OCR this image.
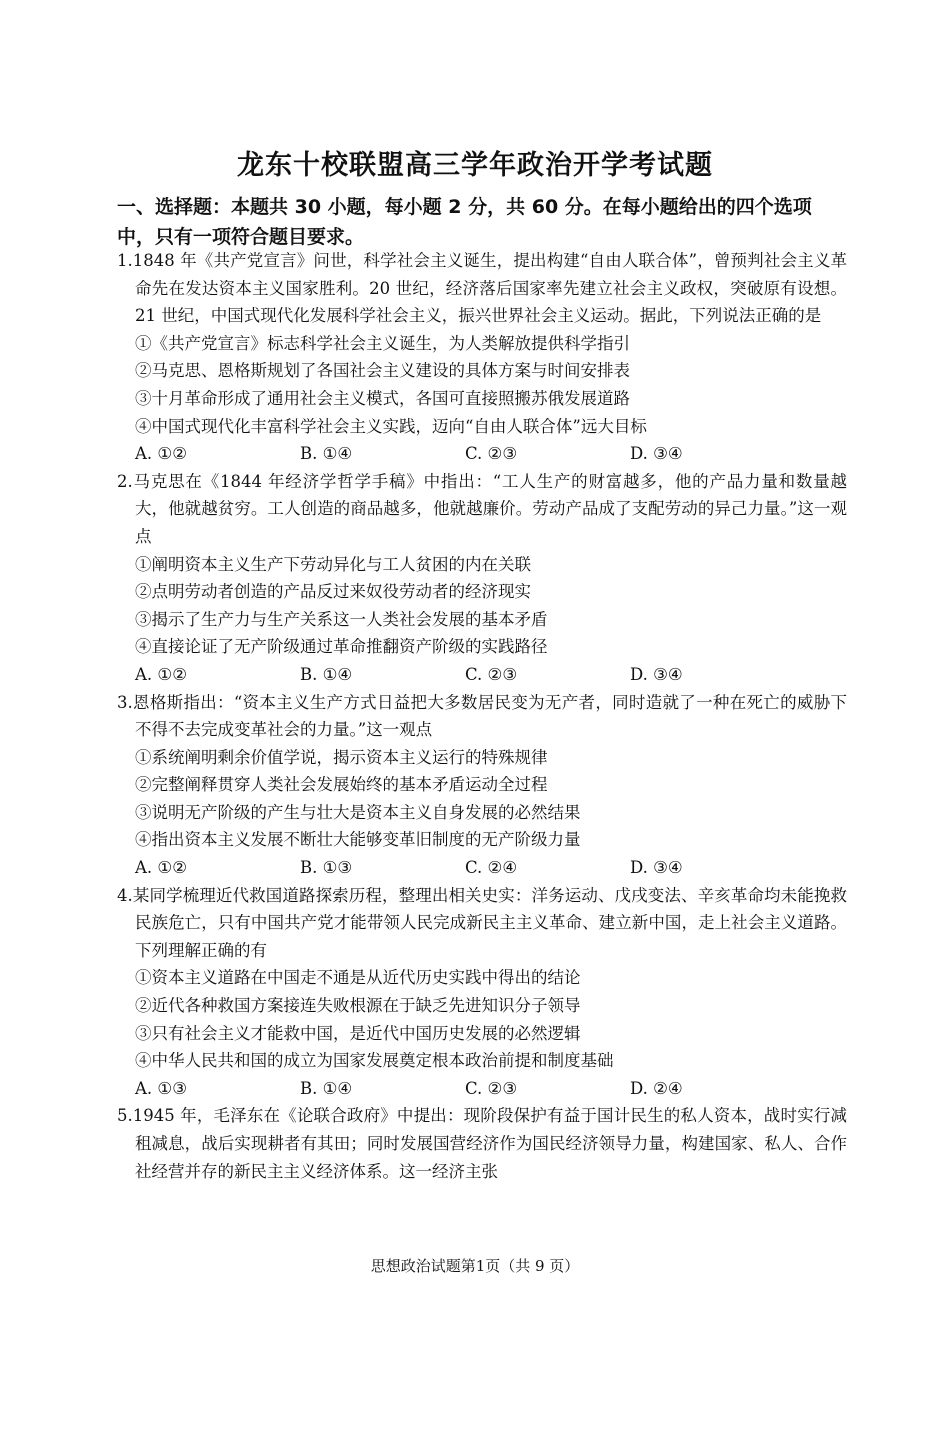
龙东十校联盟高三学年政治开学考试题
一、选择题：本题共 30 小题，每小题 2 分，共 60 分。在每小题给出的四个选项中，只有一项符合题目要求。

1.1848 年《共产党宣言》问世，科学社会主义诞生，提出构建“自由人联合体”，曾预判社会主义革命先在发达资本主义国家胜利。20 世纪，经济落后国家率先建立社会主义政权，突破原有设想。21 世纪，中国式现代化发展科学社会主义，振兴世界社会主义运动。据此，下列说法正确的是

①《共产党宣言》标志科学社会主义诞生，为人类解放提供科学指引

②马克思、恩格斯规划了各国社会主义建设的具体方案与时间安排表

③十月革命形成了通用社会主义模式，各国可直接照搬苏俄发展道路

④中国式现代化丰富科学社会主义实践，迈向“自由人联合体”远大目标

A. ①②	B. ①④	C. ②③	D. ③④

2.马克思在《1844 年经济学哲学手稿》中指出：“工人生产的财富越多，他的产品力量和数量越大，他就越贫穷。工人创造的商品越多，他就越廉价。劳动产品成了支配劳动的异己力量。”这一观点

①阐明资本主义生产下劳动异化与工人贫困的内在关联

②点明劳动者创造的产品反过来奴役劳动者的经济现实

③揭示了生产力与生产关系这一人类社会发展的基本矛盾

④直接论证了无产阶级通过革命推翻资产阶级的实践路径

A. ①②	B. ①④	C. ②③	D. ③④

3.恩格斯指出：“资本主义生产方式日益把大多数居民变为无产者，同时造就了一种在死亡的威胁下不得不去完成变革社会的力量。”这一观点

①系统阐明剩余价值学说，揭示资本主义运行的特殊规律

②完整阐释贯穿人类社会发展始终的基本矛盾运动全过程

③说明无产阶级的产生与壮大是资本主义自身发展的必然结果

④指出资本主义发展不断壮大能够变革旧制度的无产阶级力量

A. ①②	B. ①③	C. ②④	D. ③④

4.某同学梳理近代救国道路探索历程，整理出相关史实：洋务运动、戊戌变法、辛亥革命均未能挽救民族危亡，只有中国共产党才能带领人民完成新民主主义革命、建立新中国，走上社会主义道路。下列理解正确的有

①资本主义道路在中国走不通是从近代历史实践中得出的结论

②近代各种救国方案接连失败根源在于缺乏先进知识分子领导

③只有社会主义才能救中国，是近代中国历史发展的必然逻辑

④中华人民共和国的成立为国家发展奠定根本政治前提和制度基础

A. ①③	B. ①④	C. ②③	D. ②④

5.1945 年，毛泽东在《论联合政府》中提出：现阶段保护有益于国计民生的私人资本，战时实行减租减息，战后实现耕者有其田；同时发展国营经济作为国民经济领导力量，构建国家、私人、合作社经营并存的新民主主义经济体系。这一经济主张

思想政治试题第1页（共 9 页）
